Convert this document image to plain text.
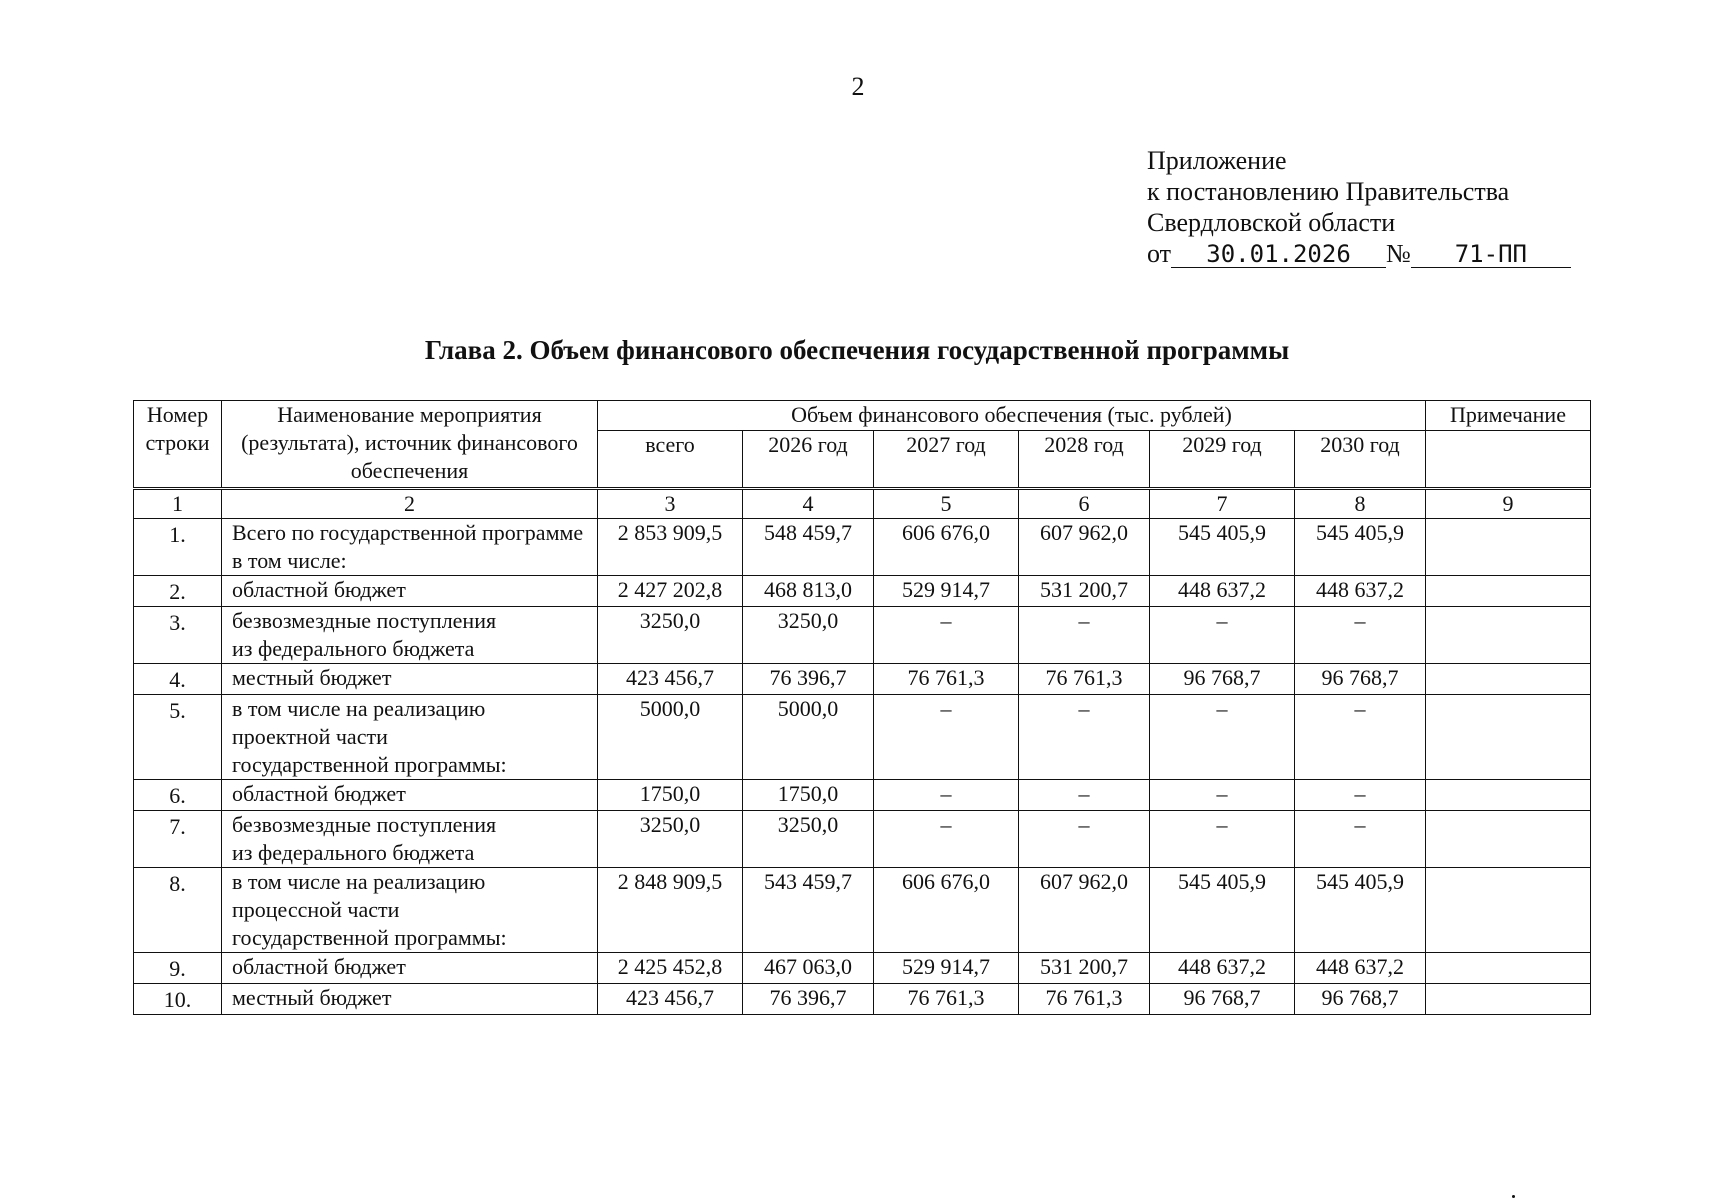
2
Приложение
к постановлению Правительства
Свердловской области
от 30.01.2026 № 71-ПП
Глава 2. Объем финансового обеспечения государственной программы
Номер строки	Наименование мероприятия (результата), источник финансового обеспечения	Объем финансового обеспечения (тыс. рублей)						Примечание
		всего	2026 год	2027 год	2028 год	2029 год	2030 год	
1	2	3	4	5	6	7	8	9
1.	Всего по государственной программе
в том числе:	2 853 909,5	548 459,7	606 676,0	607 962,0	545 405,9	545 405,9	
2.	областной бюджет	2 427 202,8	468 813,0	529 914,7	531 200,7	448 637,2	448 637,2	
3.	безвозмездные поступления
из федерального бюджета	3250,0	3250,0	–	–	–	–	
4.	местный бюджет	423 456,7	76 396,7	76 761,3	76 761,3	96 768,7	96 768,7	
5.	в том числе на реализацию
проектной части
государственной программы:	5000,0	5000,0	–	–	–	–	
6.	областной бюджет	1750,0	1750,0	–	–	–	–	
7.	безвозмездные поступления
из федерального бюджета	3250,0	3250,0	–	–	–	–	
8.	в том числе на реализацию
процессной части
государственной программы:	2 848 909,5	543 459,7	606 676,0	607 962,0	545 405,9	545 405,9	
9.	областной бюджет	2 425 452,8	467 063,0	529 914,7	531 200,7	448 637,2	448 637,2	
10.	местный бюджет	423 456,7	76 396,7	76 761,3	76 761,3	96 768,7	96 768,7	
